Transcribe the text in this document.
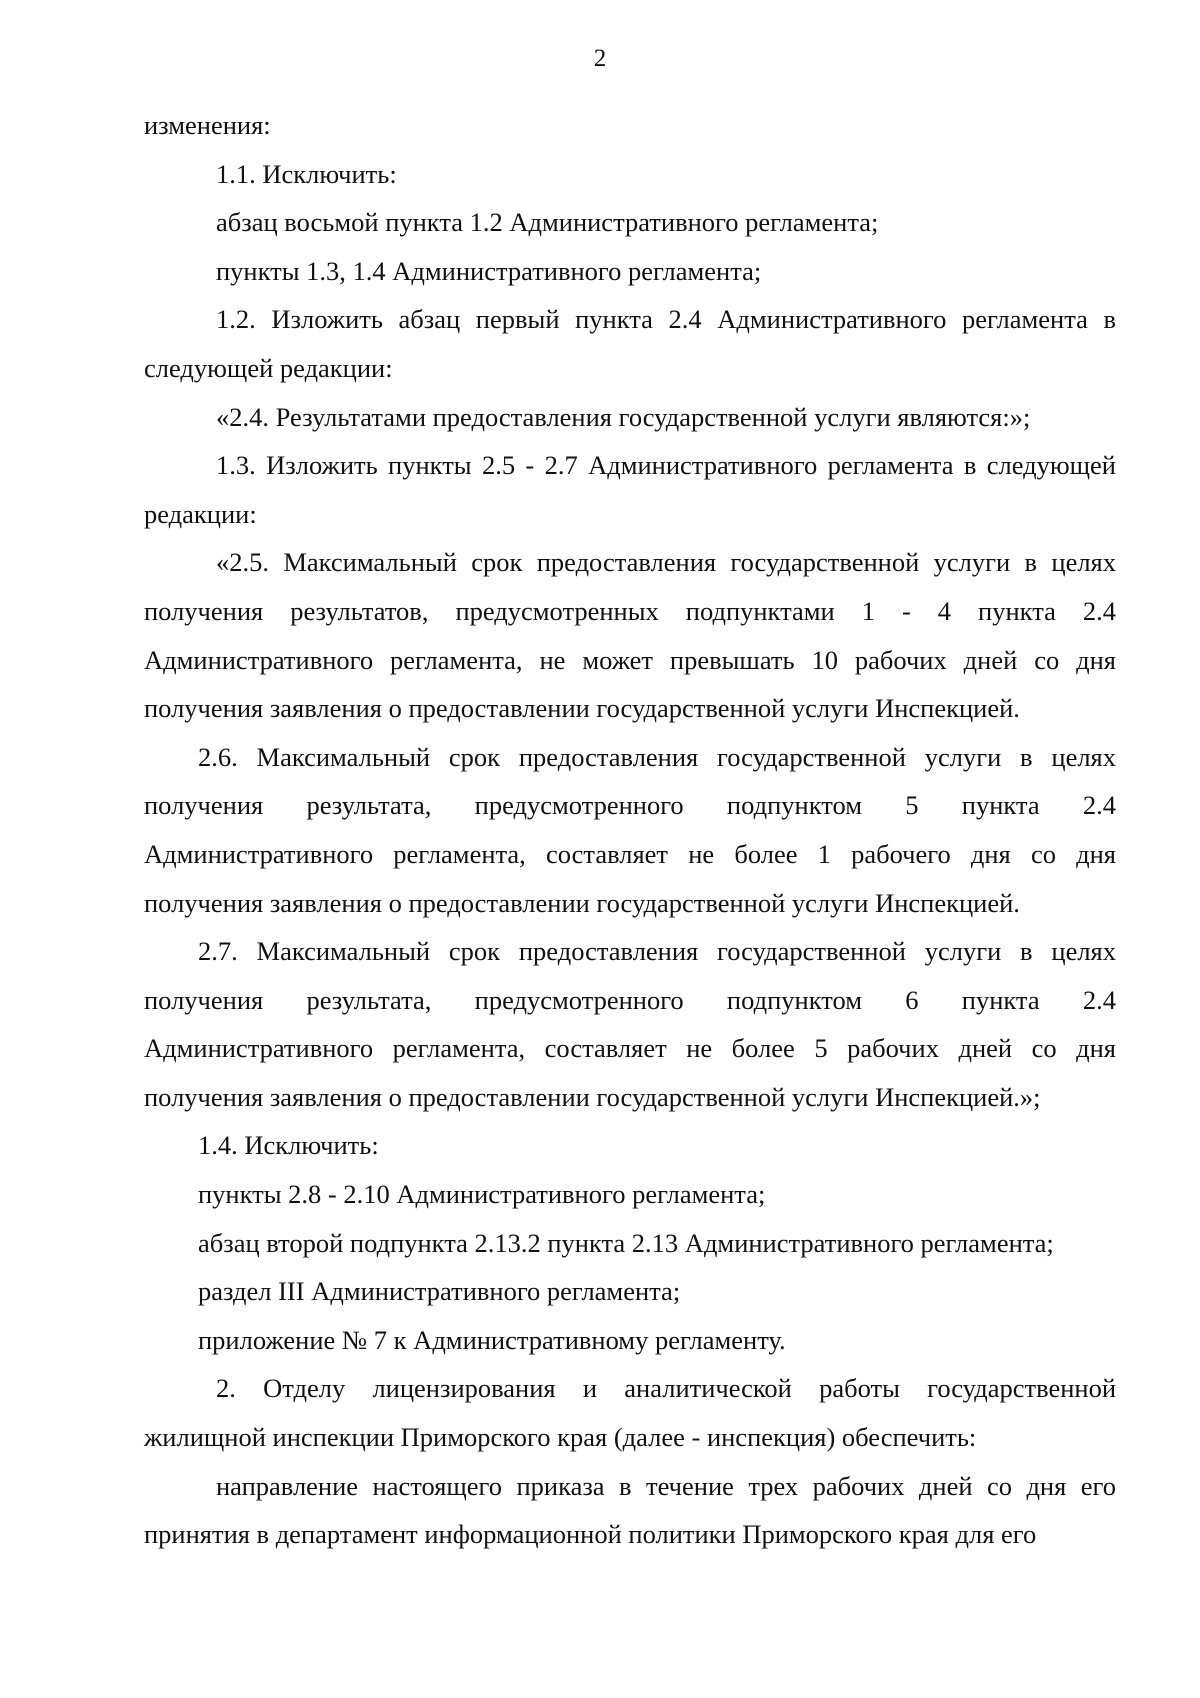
2

изменения:

1.1. Исключить:

абзац восьмой пункта 1.2 Административного регламента;

пункты 1.3, 1.4 Административного регламента;

1.2. Изложить абзац первый пункта 2.4 Административного регламента в следующей редакции:

«2.4. Результатами предоставления государственной услуги являются:»;

1.3. Изложить пункты 2.5 - 2.7 Административного регламента в следующей редакции:

«2.5. Максимальный срок предоставления государственной услуги в целях получения результатов, предусмотренных подпунктами 1 - 4 пункта 2.4 Административного регламента, не может превышать 10 рабочих дней со дня получения заявления о предоставлении государственной услуги Инспекцией.

2.6. Максимальный срок предоставления государственной услуги в целях получения результата, предусмотренного подпунктом 5 пункта 2.4 Административного регламента, составляет не более 1 рабочего дня со дня получения заявления о предоставлении государственной услуги Инспекцией.

2.7. Максимальный срок предоставления государственной услуги в целях получения результата, предусмотренного подпунктом 6 пункта 2.4 Административного регламента, составляет не более 5 рабочих дней со дня получения заявления о предоставлении государственной услуги Инспекцией.»;

1.4. Исключить:

пункты 2.8 - 2.10 Административного регламента;

абзац второй подпункта 2.13.2 пункта 2.13 Административного регламента;

раздел III Административного регламента;

приложение № 7 к Административному регламенту.

2. Отделу лицензирования и аналитической работы государственной жилищной инспекции Приморского края (далее - инспекция) обеспечить:

направление настоящего приказа в течение трех рабочих дней со дня его принятия в департамент информационной политики Приморского края для его
